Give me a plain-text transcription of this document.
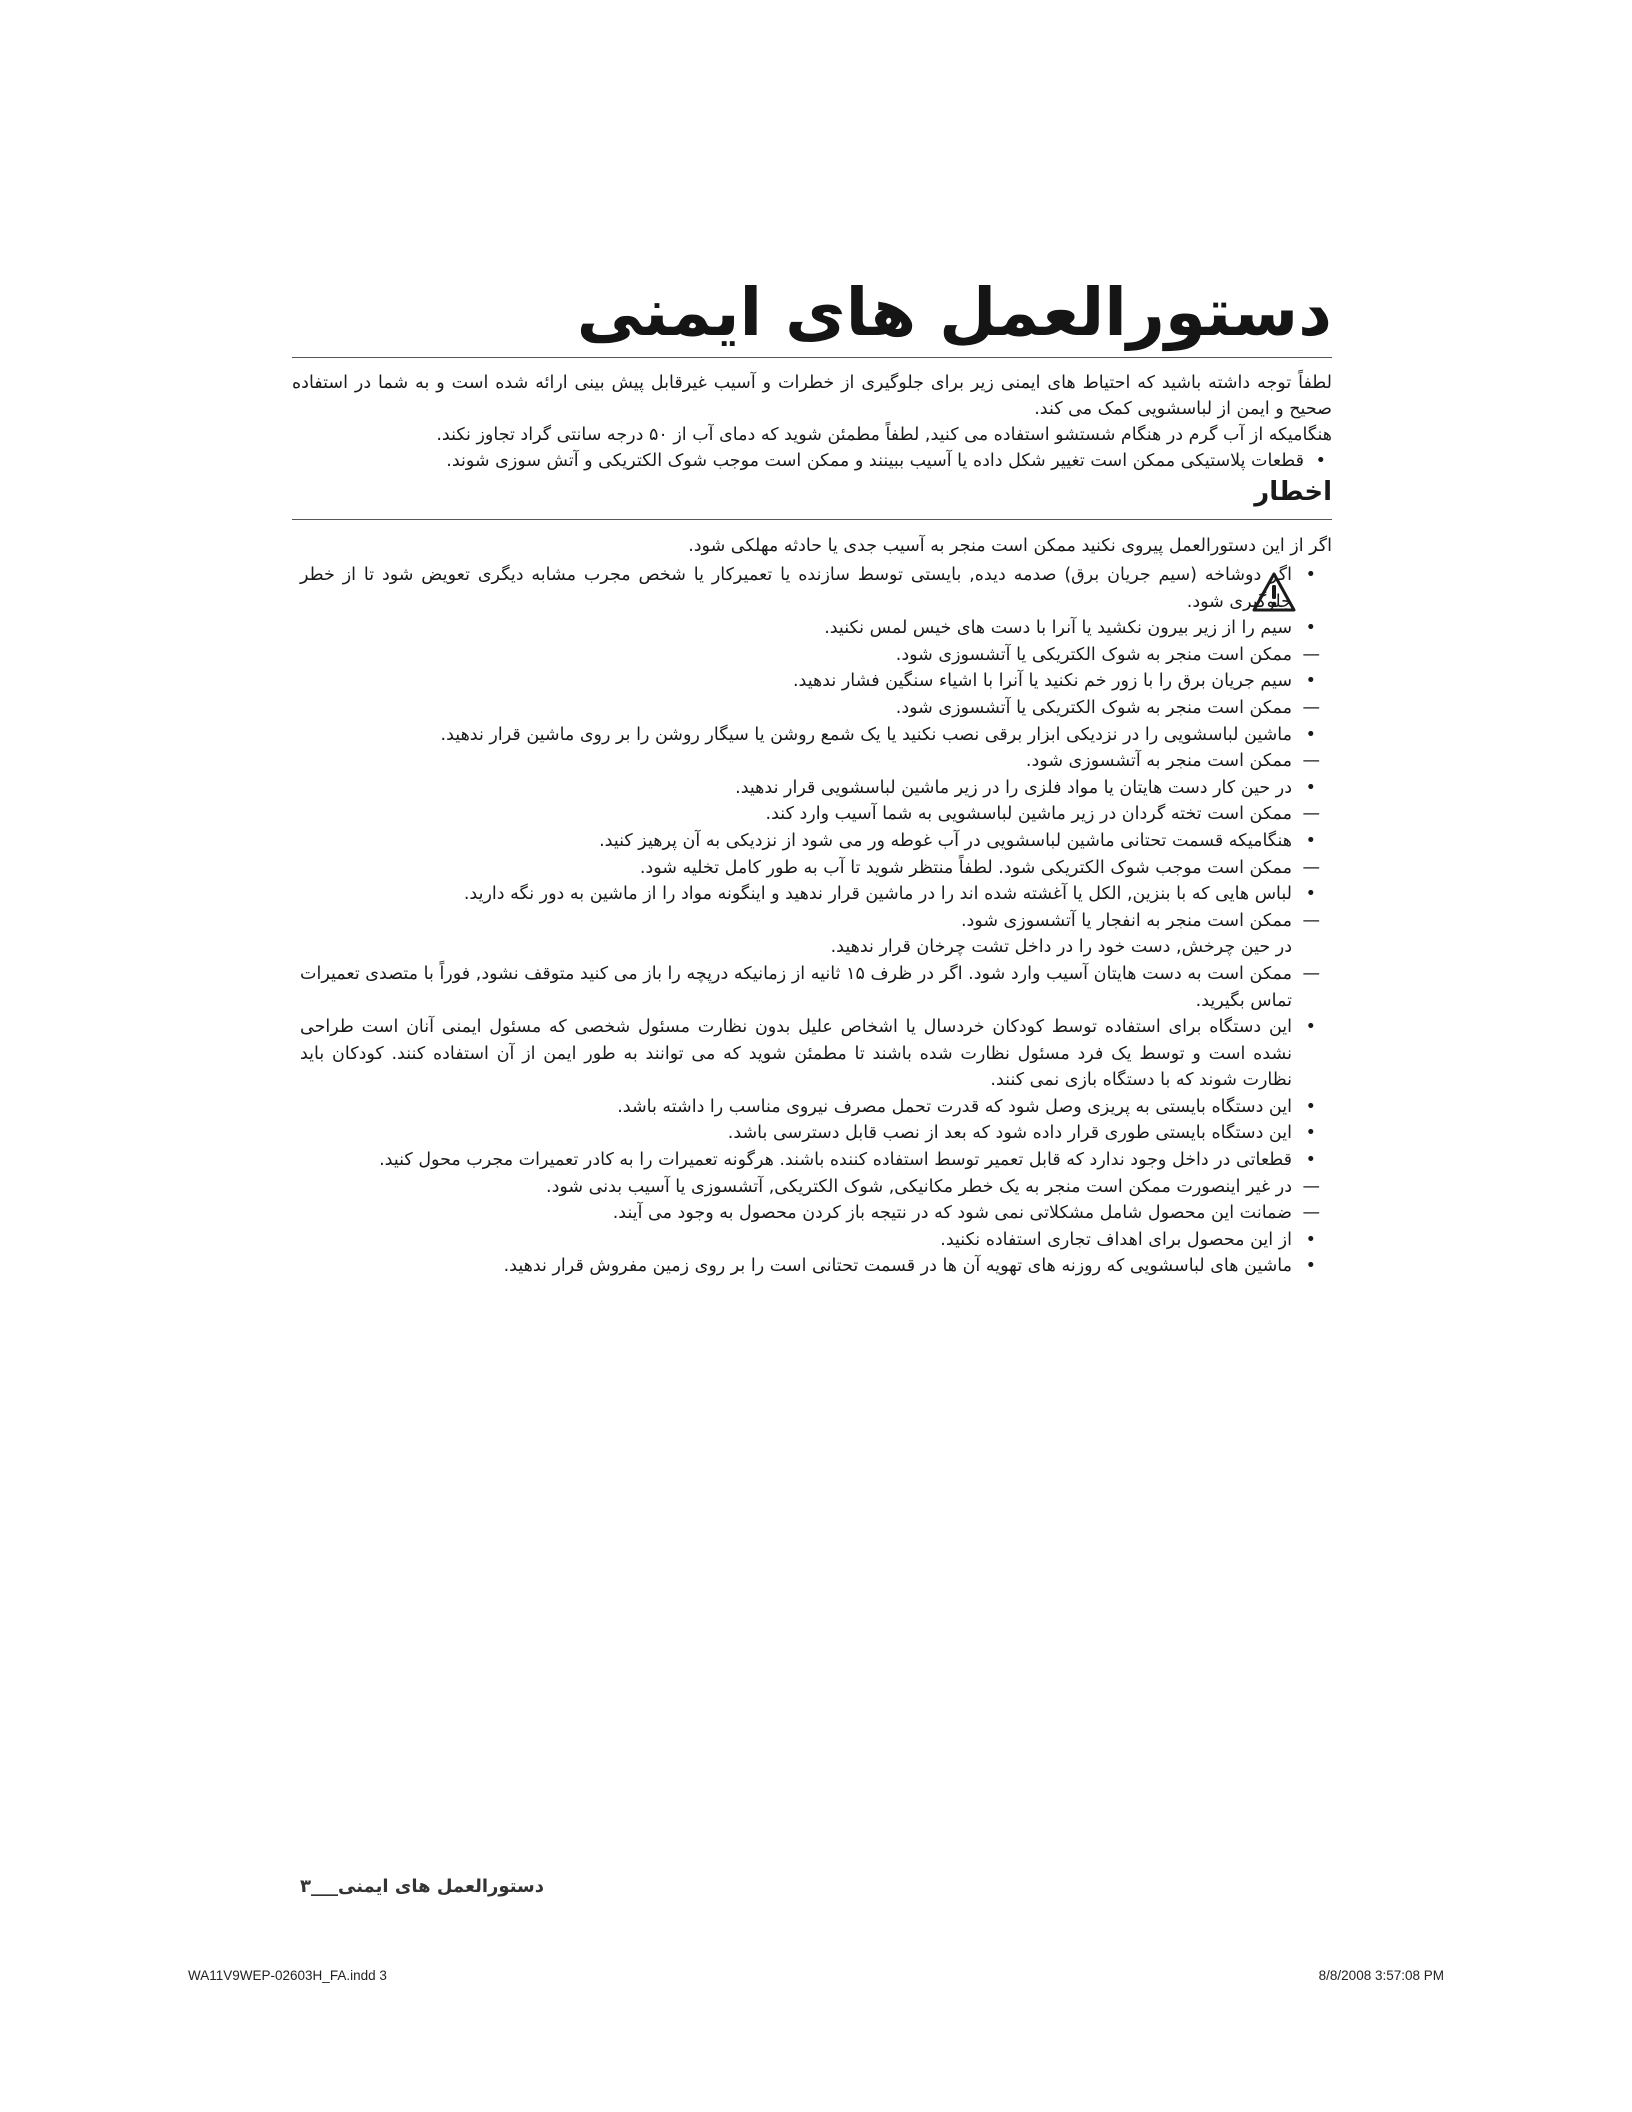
دستورالعمل های ایمنی

لطفاً توجه داشته باشید که احتیاط های ایمنی زیر برای جلوگیری از خطرات و آسیب غیرقابل پیش بینی ارائه شده است و به شما در استفاده صحیح و ایمن از لباسشویی کمک می کند.

هنگامیکه از آب گرم در هنگام شستشو استفاده می کنید, لطفاً مطمئن شوید که دمای آب از ۵۰ درجه سانتی گراد تجاوز نکند.

•
قطعات پلاستیکی ممکن است تغییر شکل داده یا آسیب ببینند و ممکن است موجب شوک الکتریکی و آتش سوزی شوند.
اخطار

اگر از این دستورالعمل پیروی نکنید ممکن است منجر به آسیب جدی یا حادثه مهلکی شود.

•
اگر دوشاخه (سیم جریان برق) صدمه دیده, بایستی توسط سازنده یا تعمیرکار یا شخص مجرب مشابه دیگری تعویض شود تا از خطر جلوگیری شود.
•
سیم را از زیر بیرون نکشید یا آنرا با دست های خیس لمس نکنید.
—
ممکن است منجر به شوک الکتریکی یا آتشسوزی شود.
•
سیم جریان برق را با زور خم نکنید یا آنرا با اشیاء سنگین فشار ندهید.
—
ممکن است منجر به شوک الکتریکی یا آتشسوزی شود.
•
ماشین لباسشویی را در نزدیکی ابزار برقی نصب نکنید یا یک شمع روشن یا سیگار روشن را بر روی ماشین قرار ندهید.
—
ممکن است منجر به آتشسوزی شود.
•
در حین کار دست هایتان یا مواد فلزی را در زیر ماشین لباسشویی قرار ندهید.
—
ممکن است تخته گردان در زیر ماشین لباسشویی به شما آسیب وارد کند.
•
هنگامیکه قسمت تحتانی ماشین لباسشویی در آب غوطه ور می شود از نزدیکی به آن پرهیز کنید.
—
ممکن است موجب شوک الکتریکی شود. لطفاً منتظر شوید تا آب به طور کامل تخلیه شود.
•
لباس هایی که با بنزین, الکل یا آغشته شده اند را در ماشین قرار ندهید و اینگونه مواد را از ماشین به دور نگه دارید.
—
ممکن است منجر به انفجار یا آتشسوزی شود.
در حین چرخش, دست خود را در داخل تشت چرخان قرار ندهید.
—
ممکن است به دست هایتان آسیب وارد شود. اگر در ظرف ۱۵ ثانیه از زمانیکه درپچه را باز می کنید متوقف نشود, فوراً با متصدی تعمیرات تماس بگیرید.
•
این دستگاه برای استفاده توسط کودکان خردسال یا اشخاص علیل بدون نظارت مسئول شخصی که مسئول ایمنی آنان است طراحی نشده است و توسط یک فرد مسئول نظارت شده باشند تا مطمئن شوید که می توانند به طور ایمن از آن استفاده کنند. کودکان باید نظارت شوند که با دستگاه بازی نمی کنند.
•
این دستگاه بایستی به پریزی وصل شود که قدرت تحمل مصرف نیروی مناسب را داشته باشد.
•
این دستگاه بایستی طوری قرار داده شود که بعد از نصب قابل دسترسی باشد.
•
قطعاتی در داخل وجود ندارد که قابل تعمیر توسط استفاده کننده باشند. هرگونه تعمیرات را به کادر تعمیرات مجرب محول کنید.
—
در غیر اینصورت ممکن است منجر به یک خطر مکانیکی, شوک الکتریکی, آتشسوزی یا آسیب بدنی شود.
—
ضمانت این محصول شامل مشکلاتی نمی شود که در نتیجه باز کردن محصول به وجود می آیند.
•
از این محصول برای اهداف تجاری استفاده نکنید.
•
ماشین های لباسشویی که روزنه های تهویه آن ها در قسمت تحتانی است را بر روی زمین مفروش قرار ندهید.

دستورالعمل های ایمنی___۳

WA11V9WEP-02603H_FA.indd 3	8/8/2008 3:57:08 PM
